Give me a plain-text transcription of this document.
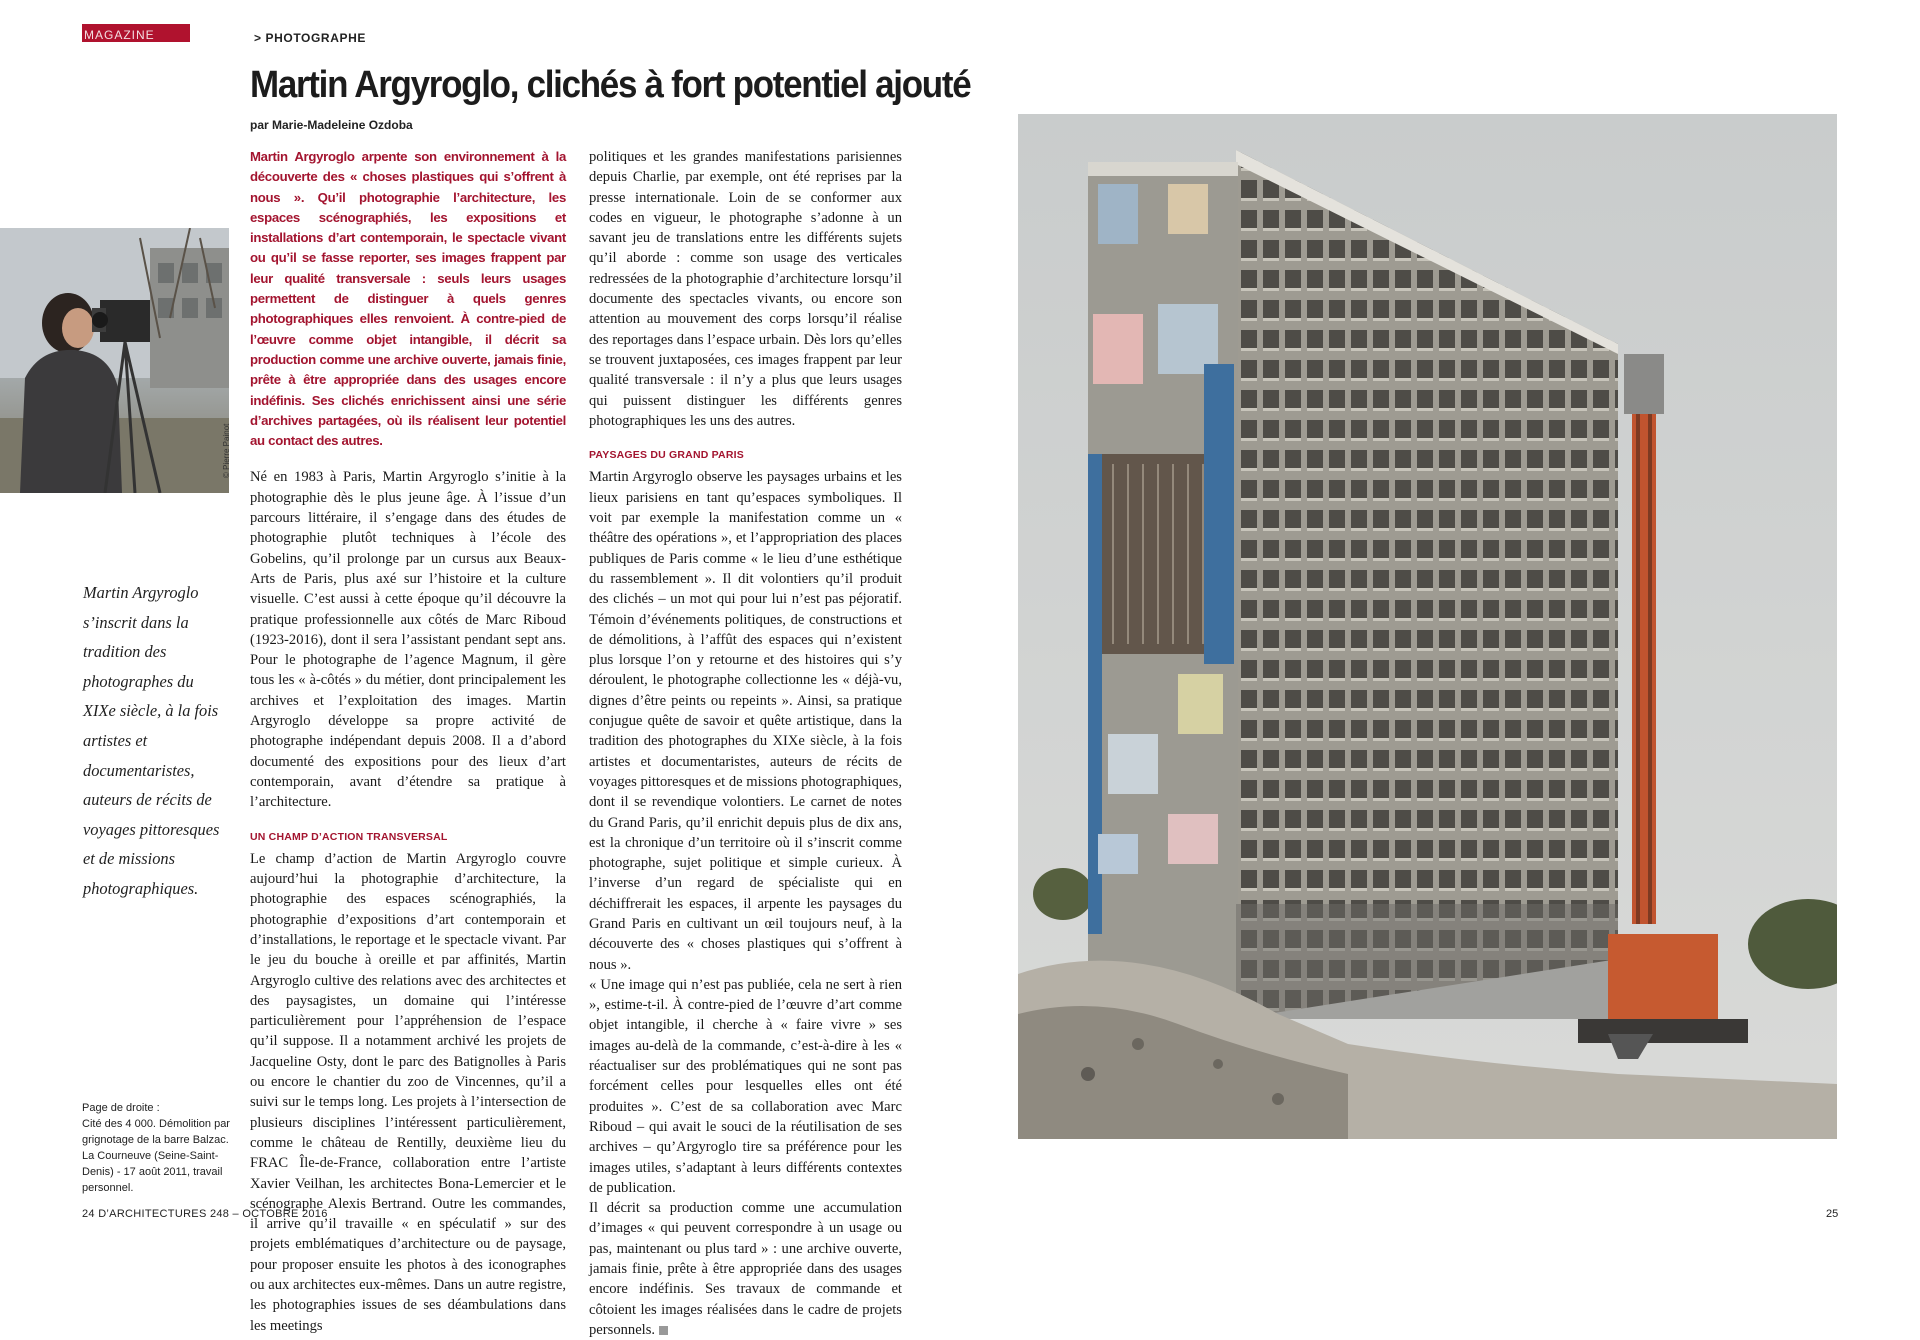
MAGAZINE	> PHOTOGRAPHE
Martin Argyroglo, clichés à fort potentiel ajouté
par Marie-Madeleine Ozdoba
© Pierre Painot
Martin Argyroglo s’inscrit dans la tradition des photographes du XIXe siècle, à la fois artistes et documentaristes, auteurs de récits de voyages pittoresques et de missions photographiques.
Page de droite :
Cité des 4 000. Démolition par grignotage de la barre Balzac. La Courneuve (Seine-Saint-Denis) - 17 août 2011, travail personnel.

Martin Argyroglo arpente son environnement à la découverte des « choses plastiques qui s’offrent à nous ». Qu’il photographie l’architecture, les espaces scénographiés, les expositions et installations d’art contemporain, le spectacle vivant ou qu’il se fasse reporter, ses images frappent par leur qualité transversale : seuls leurs usages permettent de distinguer à quels genres photographiques elles renvoient. À contre-pied de l’œuvre comme objet intangible, il décrit sa production comme une archive ouverte, jamais finie, prête à être appropriée dans des usages encore indéfinis. Ses clichés enrichissent ainsi une série d’archives partagées, où ils réalisent leur potentiel au contact des autres.

Né en 1983 à Paris, Martin Argyroglo s’initie à la photographie dès le plus jeune âge. À l’issue d’un parcours littéraire, il s’engage dans des études de photographie plutôt techniques à l’école des Gobelins, qu’il prolonge par un cursus aux Beaux-Arts de Paris, plus axé sur l’histoire et la culture visuelle. C’est aussi à cette époque qu’il découvre la pratique professionnelle aux côtés de Marc Riboud (1923-2016), dont il sera l’assistant pendant sept ans. Pour le photographe de l’agence Magnum, il gère tous les « à-côtés » du métier, dont principalement les archives et l’exploitation des images. Martin Argyroglo développe sa propre activité de photographe indépendant depuis 2008. Il a d’abord documenté des expositions pour des lieux d’art contemporain, avant d’étendre sa pratique à l’architecture.

UN CHAMP D’ACTION TRANSVERSAL

Le champ d’action de Martin Argyroglo couvre aujourd’hui la photographie d’architecture, la photographie des espaces scénographiés, la photographie d’expositions d’art contemporain et d’installations, le reportage et le spectacle vivant. Par le jeu du bouche à oreille et par affinités, Martin Argyroglo cultive des relations avec des architectes et des paysagistes, un domaine qui l’intéresse particulièrement pour l’appréhension de l’espace qu’il suppose. Il a notamment archivé les projets de Jacqueline Osty, dont le parc des Batignolles à Paris ou encore le chantier du zoo de Vincennes, qu’il a suivi sur le temps long. Les projets à l’intersection de plusieurs disciplines l’intéressent particulièrement, comme le château de Rentilly, deuxième lieu du FRAC Île-de-France, collaboration entre l’artiste Xavier Veilhan, les architectes Bona-Lemercier et le scénographe Alexis Bertrand. Outre les commandes, il arrive qu’il travaille « en spéculatif » sur des projets emblématiques d’architecture ou de paysage, pour proposer ensuite les photos à des iconographes ou aux architectes eux-mêmes. Dans un autre registre, les photographies issues de ses déambulations dans les meetings

politiques et les grandes manifestations parisiennes depuis Charlie, par exemple, ont été reprises par la presse internationale. Loin de se conformer aux codes en vigueur, le photographe s’adonne à un savant jeu de translations entre les différents sujets qu’il aborde : comme son usage des verticales redressées de la photographie d’architecture lorsqu’il documente des spectacles vivants, ou encore son attention au mouvement des corps lorsqu’il réalise des reportages dans l’espace urbain. Dès lors qu’elles se trouvent juxtaposées, ces images frappent par leur qualité transversale : il n’y a plus que leurs usages qui puissent distinguer les différents genres photographiques les uns des autres.

PAYSAGES DU GRAND PARIS

Martin Argyroglo observe les paysages urbains et les lieux parisiens en tant qu’espaces symboliques. Il voit par exemple la manifestation comme un « théâtre des opérations », et l’appropriation des places publiques de Paris comme « le lieu d’une esthétique du rassemblement ». Il dit volontiers qu’il produit des clichés – un mot qui pour lui n’est pas péjoratif. Témoin d’événements politiques, de constructions et de démolitions, à l’affût des espaces qui n’existent plus lorsque l’on y retourne et des histoires qui s’y déroulent, le photographe collectionne les « déjà-vu, dignes d’être peints ou repeints ». Ainsi, sa pratique conjugue quête de savoir et quête artistique, dans la tradition des photographes du XIXe siècle, à la fois artistes et documentaristes, auteurs de récits de voyages pittoresques et de missions photographiques, dont il se revendique volontiers. Le carnet de notes du Grand Paris, qu’il enrichit depuis plus de dix ans, est la chronique d’un territoire où il s’inscrit comme photographe, sujet politique et simple curieux. À l’inverse d’un regard de spécialiste qui en déchiffrerait les espaces, il arpente les paysages du Grand Paris en cultivant un œil toujours neuf, à la découverte des « choses plastiques qui s’offrent à nous ».

« Une image qui n’est pas publiée, cela ne sert à rien », estime-t-il. À contre-pied de l’œuvre d’art comme objet intangible, il cherche à « faire vivre » ses images au-delà de la commande, c’est-à-dire à les « réactualiser sur des problématiques qui ne sont pas forcément celles pour lesquelles elles ont été produites ». C’est de sa collaboration avec Marc Riboud – qui avait le souci de la réutilisation de ses archives – qu’Argyroglo tire sa préférence pour les images utiles, s’adaptant à leurs différents contextes de publication.

Il décrit sa production comme une accumulation d’images « qui peuvent correspondre à un usage ou pas, maintenant ou plus tard » : une archive ouverte, jamais finie, prête à être appropriée dans des usages encore indéfinis. Ses travaux de commande et côtoient les images réalisées dans le cadre de projets personnels.

24 D’ARCHITECTURES 248 – OCTOBRE 2016	25
